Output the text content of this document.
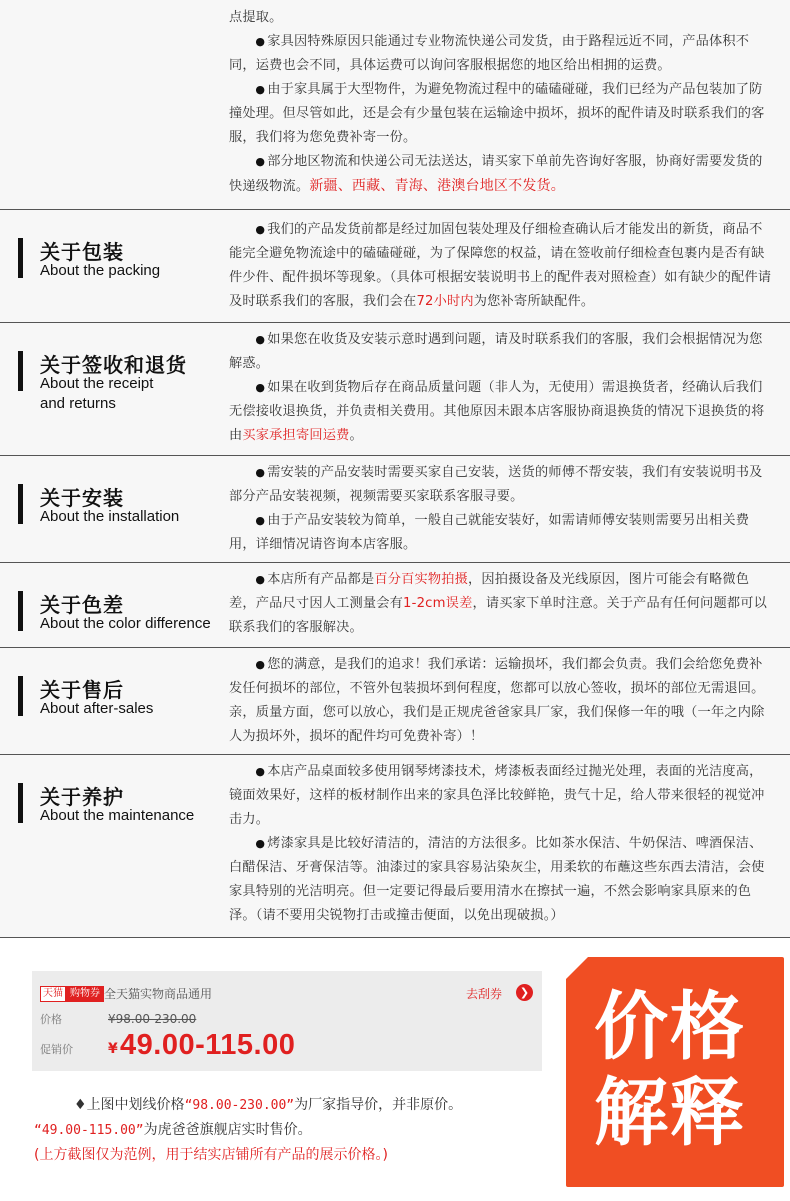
点提取。

● 家具因特殊原因只能通过专业物流快递公司发货，由于路程远近不同，产品体积不同，运费也会不同，具体运费可以询问客服根据您的地区给出相拥的运费。

● 由于家具属于大型物件，为避免物流过程中的磕磕碰碰，我们已经为产品包装加了防撞处理。但尽管如此，还是会有少量包装在运输途中损坏，损坏的配件请及时联系我们的客服，我们将为您免费补寄一份。

● 部分地区物流和快递公司无法送达，请买家下单前先咨询好客服，协商好需要发货的快递级物流。新疆、西藏、青海、港澳台地区不发货。

关于包装
About the packing

● 我们的产品发货前都是经过加固包装处理及仔细检查确认后才能发出的新货，商品不能完全避免物流途中的磕磕碰碰，为了保障您的权益，请在签收前仔细检查包裹内是否有缺件少件、配件损坏等现象。（具体可根据安装说明书上的配件表对照检查）如有缺少的配件请及时联系我们的客服，我们会在72小时内为您补寄所缺配件。

关于签收和退货
About the receipt
and returns

● 如果您在收货及安装示意时遇到问题，请及时联系我们的客服，我们会根据情况为您解惑。

● 如果在收到货物后存在商品质量问题（非人为，无使用）需退换货者，经确认后我们无偿接收退换货，并负责相关费用。其他原因未跟本店客服协商退换货的情况下退换货的将由买家承担寄回运费。

关于安装
About the installation

● 需安装的产品安装时需要买家自己安装，送货的师傅不帮安装，我们有安装说明书及部分产品安装视频，视频需要买家联系客服寻要。

● 由于产品安装较为简单，一般自己就能安装好，如需请师傅安装则需要另出相关费用，详细情况请咨询本店客服。

关于色差
About the color difference

● 本店所有产品都是百分百实物拍摄，因拍摄设备及光线原因，图片可能会有略微色差，产品尺寸因人工测量会有1-2cm误差，请买家下单时注意。关于产品有任何问题都可以联系我们的客服解决。

关于售后
About after-sales

● 您的满意，是我们的追求！我们承诺：运输损坏，我们都会负责。我们会给您免费补发任何损坏的部位，不管外包装损坏到何程度，您都可以放心签收，损坏的部位无需退回。亲，质量方面，您可以放心，我们是正规虎爸爸家具厂家，我们保修一年的哦（一年之内除人为损坏外，损坏的配件均可免费补寄）！

关于养护
About the maintenance

● 本店产品桌面较多使用钢琴烤漆技术，烤漆板表面经过抛光处理，表面的光洁度高，镜面效果好，这样的板材制作出来的家具色泽比较鲜艳，贵气十足，给人带来很轻的视觉冲击力。

● 烤漆家具是比较好清洁的，清洁的方法很多。比如茶水保洁、牛奶保洁、啤酒保洁、白醋保洁、牙膏保洁等。油漆过的家具容易沾染灰尘，用柔软的布蘸这些东西去清洁，会使家具特别的光洁明亮。但一定要记得最后要用清水在擦拭一遍，不然会影响家具原来的色泽。（请不要用尖锐物打击或撞击便面，以免出现破损。）

天猫 购物券 全天猫实物商品通用	去刮券	❯
价格	¥98.00-230.00
促销价	¥ 49.00-115.00
♦上图中划线价格“98.00-230.00”为厂家指导价，并非原价。
“49.00-115.00”为虎爸爸旗舰店实时售价。
(上方截图仅为范例，用于结实店铺所有产品的展示价格。)
价格
解释
